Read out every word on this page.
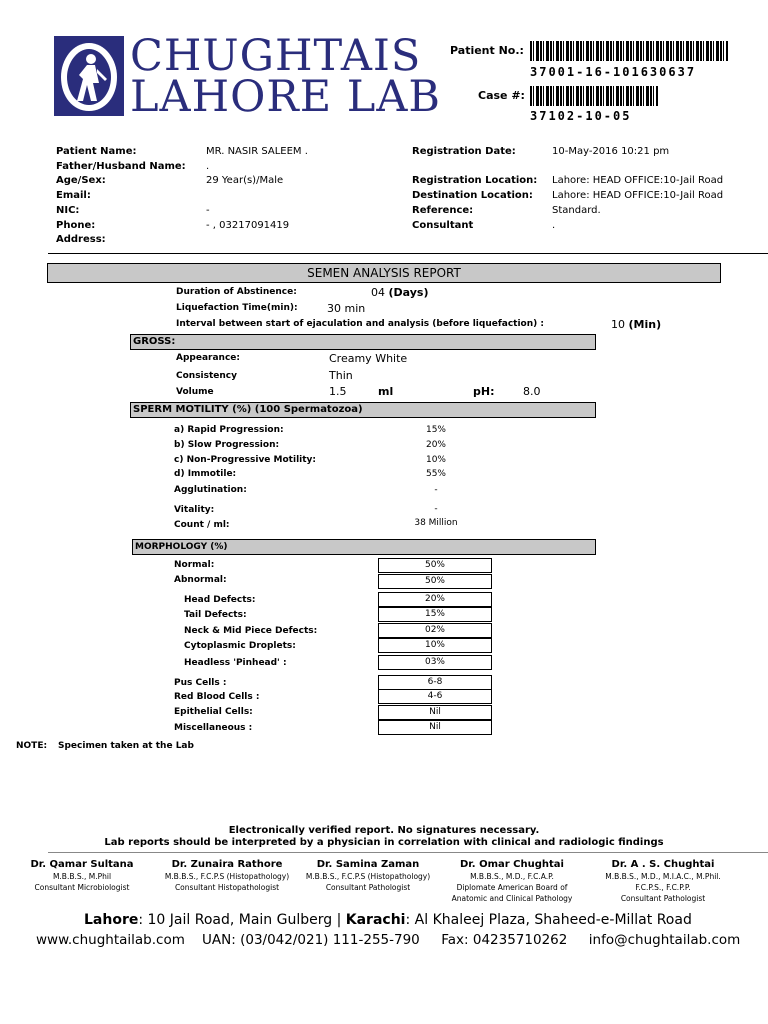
CHUGHTAIS
LAHORE LAB
Patient No.:
37001-16-101630637
Case #:
37102-10-05
Patient Name:	MR. NASIR SALEEM .
Father/Husband Name:	.
Age/Sex:	29 Year(s)/Male
Email:
NIC:	-
Phone:	- , 03217091419
Address:
Registration Date:	10-May-2016 10:21 pm
Registration Location:	Lahore: HEAD OFFICE:10-Jail Road
Destination Location:	Lahore: HEAD OFFICE:10-Jail Road
Reference:	Standard.
Consultant	.
SEMEN ANALYSIS REPORT
Duration of Abstinence:	04 (Days)
Liquefaction Time(min):	30 min
Interval between start of ejaculation and analysis (before liquefaction) :	10 (Min)
GROSS:
Appearance:	Creamy White
Consistency	Thin
Volume	1.5	ml	pH:	8.0
SPERM MOTILITY (%) (100 Spermatozoa)
a) Rapid Progression:	15%
b) Slow Progression:	20%
c) Non-Progressive Motility:	10%
d) Immotile:	55%
Agglutination:	-
Vitality:	-
Count / ml:	38 Million
MORPHOLOGY (%)
Normal:	50%
Abnormal:	50%
Head Defects:	20%
Tail Defects:	15%
Neck & Mid Piece Defects:	02%
Cytoplasmic Droplets:	10%
Headless 'Pinhead' :	03%
Pus Cells :	6-8
Red Blood Cells :	4-6
Epithelial Cells:	Nil
Miscellaneous :	Nil
NOTE: Specimen taken at the Lab
Electronically verified report. No signatures necessary.
Lab reports should be interpreted by a physician in correlation with clinical and radiologic findings
Dr. Qamar Sultana
M.B.B.S., M.Phil
Consultant Microbiologist
Dr. Zunaira Rathore
M.B.B.S., F.C.P.S (Histopathology)
Consultant Histopathologist
Dr. Samina Zaman
M.B.B.S., F.C.P.S (Histopathology)
Consultant Pathologist
Dr. Omar Chughtai
M.B.B.S., M.D., F.C.A.P.
Diplomate American Board of
Anatomic and Clinical Pathology
Dr. A . S. Chughtai
M.B.B.S., M.D., M.I.A.C., M.Phil.
F.C.P.S., F.C.P.P.
Consultant Pathologist
Lahore: 10 Jail Road, Main Gulberg | Karachi: Al Khaleej Plaza, Shaheed-e-Millat Road
www.chughtailab.com    UAN: (03/042/021) 111-255-790     Fax: 04235710262     info@chughtailab.com
